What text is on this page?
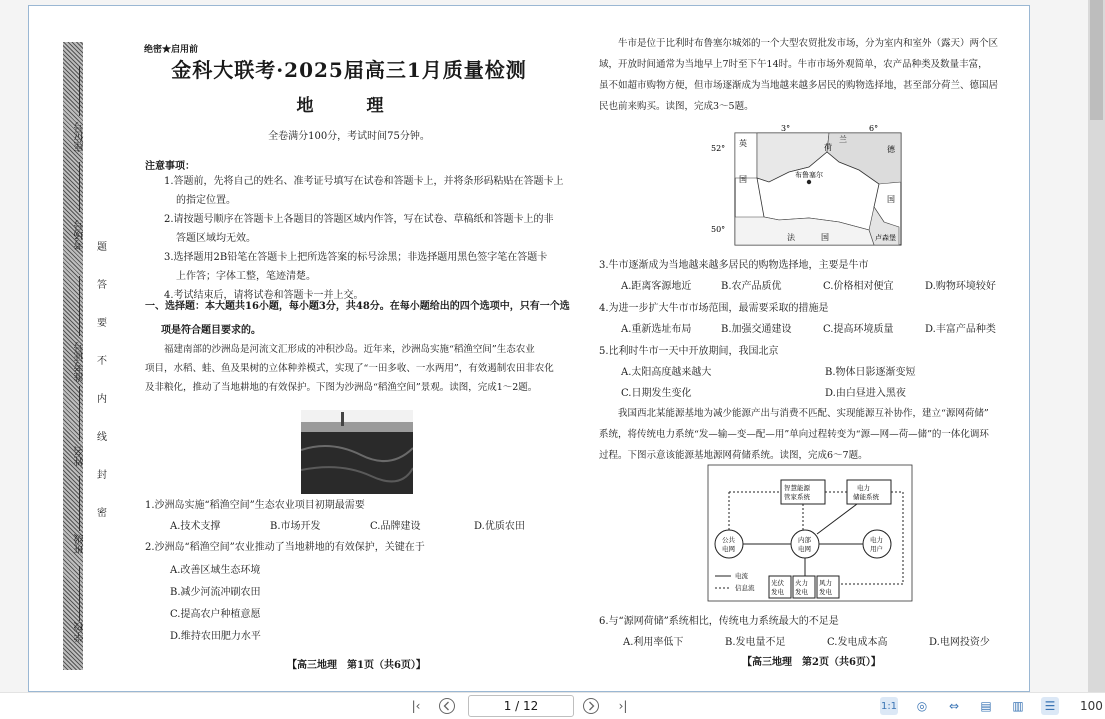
题
答
要
不
内
线
封
密
座位号
考场号
准考证号
姓名
班级
学校
绝密★启用前
金科大联考·2025届高三1月质量检测
地　理
全卷满分100分，考试时间75分钟。
注意事项：
1.答题前，先将自己的姓名、准考证号填写在试卷和答题卡上，并将条形码粘贴在答题卡上
的指定位置。
2.请按题号顺序在答题卡上各题目的答题区域内作答，写在试卷、草稿纸和答题卡上的非
答题区域均无效。
3.选择题用2B铅笔在答题卡上把所选答案的标号涂黑；非选择题用黑色签字笔在答题卡
上作答；字体工整，笔迹清楚。
4.考试结束后，请将试卷和答题卡一并上交。
一、选择题：本大题共16小题，每小题3分，共48分。在每小题给出的四个选项中，只有一个选
项是符合题目要求的。
福建南部的沙洲岛是河流文汇形成的冲积沙岛。近年来，沙洲岛实施“稻渔空间”生态农业
项目，水稻、蛙、鱼及果树的立体种养模式，实现了“一田多收、一水两用”，有效遏制农田非农化
及非粮化，推动了当地耕地的有效保护。下图为沙洲岛“稻渔空间”景观。读图，完成1～2题。
1.沙洲岛实施“稻渔空间”生态农业项目初期最需要
A.技术支撑	B.市场开发	C.品牌建设	D.优质农田
2.沙洲岛“稻渔空间”农业推动了当地耕地的有效保护，关键在于
A.改善区域生态环境
B.减少河流冲刷农田
C.提高农户种植意愿
D.维持农田肥力水平
【高三地理　第1页（共6页）】
牛市是位于比利时布鲁塞尔城郊的一个大型农贸批发市场，分为室内和室外（露天）两个区
域，开放时间通常为当地早上7时至下午14时。牛市市场外观简单，农产品种类及数量丰富，
虽不如超市购物方便，但市场逐渐成为当地越来越多居民的购物选择地，甚至部分荷兰、德国居
民也前来购买。读图，完成3～5题。
52°
50°
3°	6°
英
国
荷
兰
德
国
法	国	卢森堡
布鲁塞尔
3.牛市逐渐成为当地越来越多居民的购物选择地，主要是牛市
A.距离客源地近	B.农产品质优	C.价格相对便宜	D.购物环境较好
4.为进一步扩大牛市市场范围，最需要采取的措施是
A.重新选址布局	B.加强交通建设	C.提高环境质量	D.丰富产品种类
5.比利时牛市一天中开放期间，我国北京
A.太阳高度越来越大	B.物体日影逐渐变短
C.日期发生变化	D.由白昼进入黑夜
我国西北某能源基地为减少能源产出与消费不匹配、实现能源互补协作，建立“源网荷储”
系统，将传统电力系统“发—输—变—配—用”单向过程转变为“源—网—荷—储”的一体化调环
过程。下图示意该能源基地源网荷储系统。读图，完成6～7题。
智慧能源
管家系统
电力
储能系统
公共
电网
内部
电网
电力
用户
光伏
发电
火力
发电
风力
发电
电流
信息流
6.与“源网荷储”系统相比，传统电力系统最大的不足是
A.利用率低下	B.发电量不足	C.发电成本高	D.电网投资少
【高三地理　第2页（共6页）】
|‹	1 / 12	›|	1:1	◎	⇔	▤ ▥	☰	100
